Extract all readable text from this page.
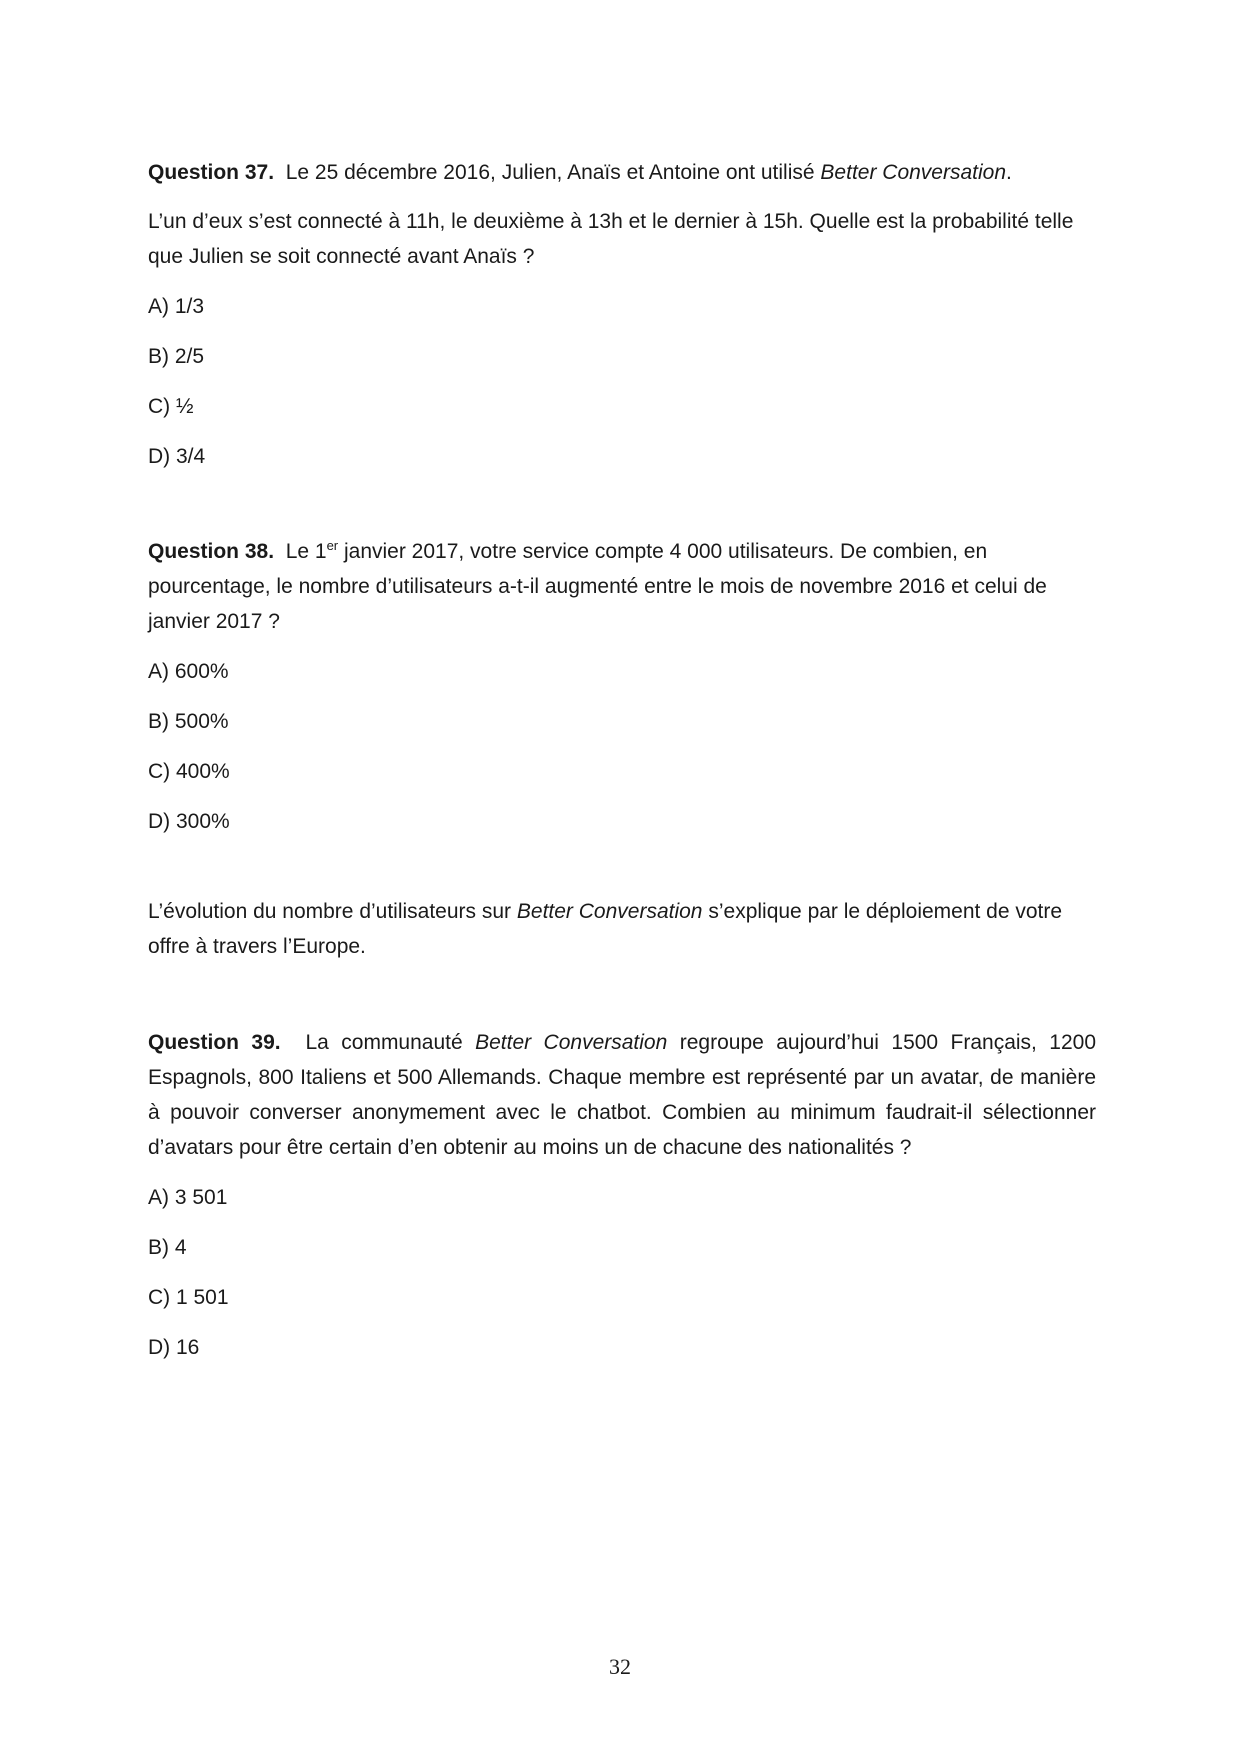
Question 37. Le 25 décembre 2016, Julien, Anaïs et Antoine ont utilisé Better Conversation.

L’un d’eux s’est connecté à 11h, le deuxième à 13h et le dernier à 15h. Quelle est la probabilité telle que Julien se soit connecté avant Anaïs ?

A) 1/3

B) 2/5

C) ½

D) 3/4

Question 38. Le 1er janvier 2017, votre service compte 4 000 utilisateurs. De combien, en pourcentage, le nombre d’utilisateurs a-t-il augmenté entre le mois de novembre 2016 et celui de janvier 2017 ?

A) 600%

B) 500%

C) 400%

D) 300%

L’évolution du nombre d’utilisateurs sur Better Conversation s’explique par le déploiement de votre offre à travers l’Europe.

Question 39. La communauté Better Conversation regroupe aujourd’hui 1500 Français, 1200 Espagnols, 800 Italiens et 500 Allemands. Chaque membre est représenté par un avatar, de manière à pouvoir converser anonymement avec le chatbot. Combien au minimum faudrait-il sélectionner d’avatars pour être certain d’en obtenir au moins un de chacune des nationalités ?

A) 3 501

B) 4

C) 1 501

D) 16

32
